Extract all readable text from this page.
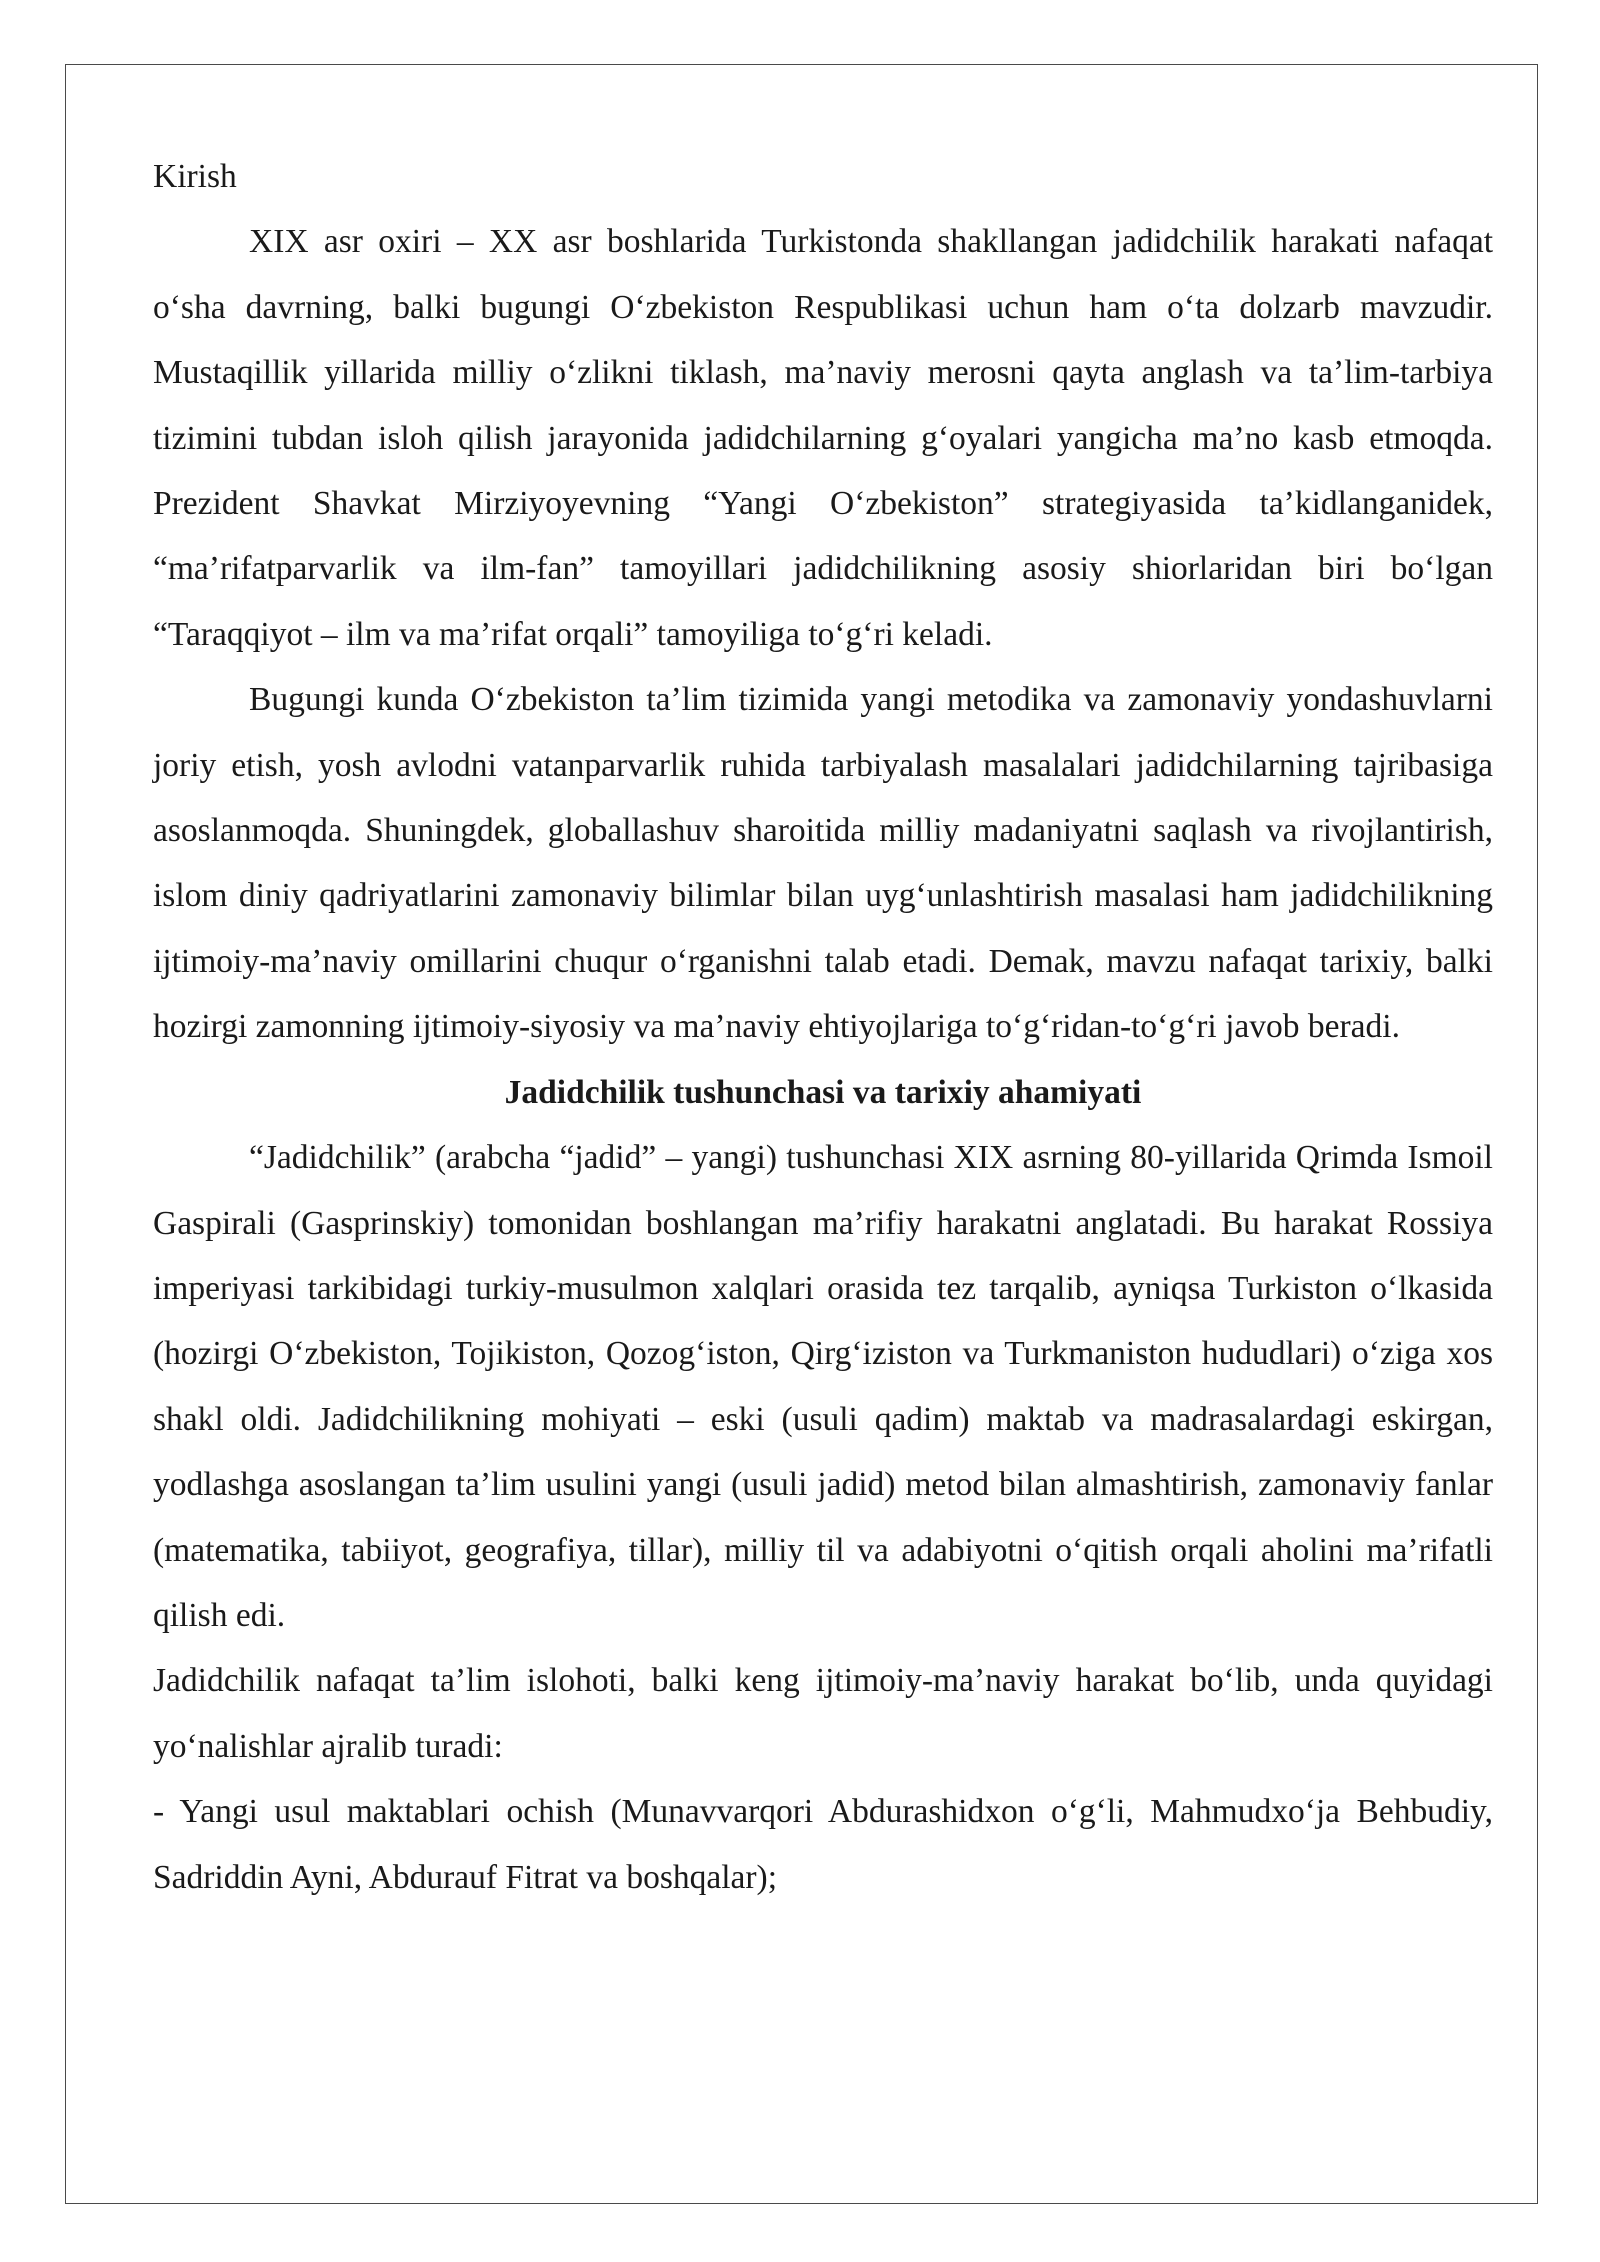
Kirish

XIX asr oxiri – XX asr boshlarida Turkistonda shakllangan jadidchilik harakati nafaqat o‘sha davrning, balki bugungi O‘zbekiston Respublikasi uchun ham o‘ta dolzarb mavzudir. Mustaqillik yillarida milliy o‘zlikni tiklash, ma’naviy merosni qayta anglash va ta’lim-tarbiya tizimini tubdan isloh qilish jarayonida jadidchilarning g‘oyalari yangicha ma’no kasb etmoqda. Prezident Shavkat Mirziyoyevning “Yangi O‘zbekiston” strategiyasida ta’kidlanganidek, “ma’rifatparvarlik va ilm-fan” tamoyillari jadidchilikning asosiy shiorlaridan biri bo‘lgan “Taraqqiyot – ilm va ma’rifat orqali” tamoyiliga to‘g‘ri keladi.

Bugungi kunda O‘zbekiston ta’lim tizimida yangi metodika va zamonaviy yondashuvlarni joriy etish, yosh avlodni vatanparvarlik ruhida tarbiyalash masalalari jadidchilarning tajribasiga asoslanmoqda. Shuningdek, globallashuv sharoitida milliy madaniyatni saqlash va rivojlantirish, islom diniy qadriyatlarini zamonaviy bilimlar bilan uyg‘unlashtirish masalasi ham jadidchilikning ijtimoiy-ma’naviy omillarini chuqur o‘rganishni talab etadi. Demak, mavzu nafaqat tarixiy, balki hozirgi zamonning ijtimoiy-siyosiy va ma’naviy ehtiyojlariga to‘g‘ridan-to‘g‘ri javob beradi.

Jadidchilik tushunchasi va tarixiy ahamiyati

“Jadidchilik” (arabcha “jadid” – yangi) tushunchasi XIX asrning 80-yillarida Qrimda Ismoil Gaspirali (Gasprinskiy) tomonidan boshlangan ma’rifiy harakatni anglatadi. Bu harakat Rossiya imperiyasi tarkibidagi turkiy-musulmon xalqlari orasida tez tarqalib, ayniqsa Turkiston o‘lkasida (hozirgi O‘zbekiston, Tojikiston, Qozog‘iston, Qirg‘iziston va Turkmaniston hududlari) o‘ziga xos shakl oldi. Jadidchilikning mohiyati – eski (usuli qadim) maktab va madrasalardagi eskirgan, yodlashga asoslangan ta’lim usulini yangi (usuli jadid) metod bilan almashtirish, zamonaviy fanlar (matematika, tabiiyot, geografiya, tillar), milliy til va adabiyotni o‘qitish orqali aholini ma’rifatli qilish edi.

Jadidchilik nafaqat ta’lim islohoti, balki keng ijtimoiy-ma’naviy harakat bo‘lib, unda quyidagi yo‘nalishlar ajralib turadi:

- Yangi usul maktablari ochish (Munavvarqori Abdurashidxon o‘g‘li, Mahmudxo‘ja Behbudiy, Sadriddin Ayni, Abdurauf Fitrat va boshqalar);
